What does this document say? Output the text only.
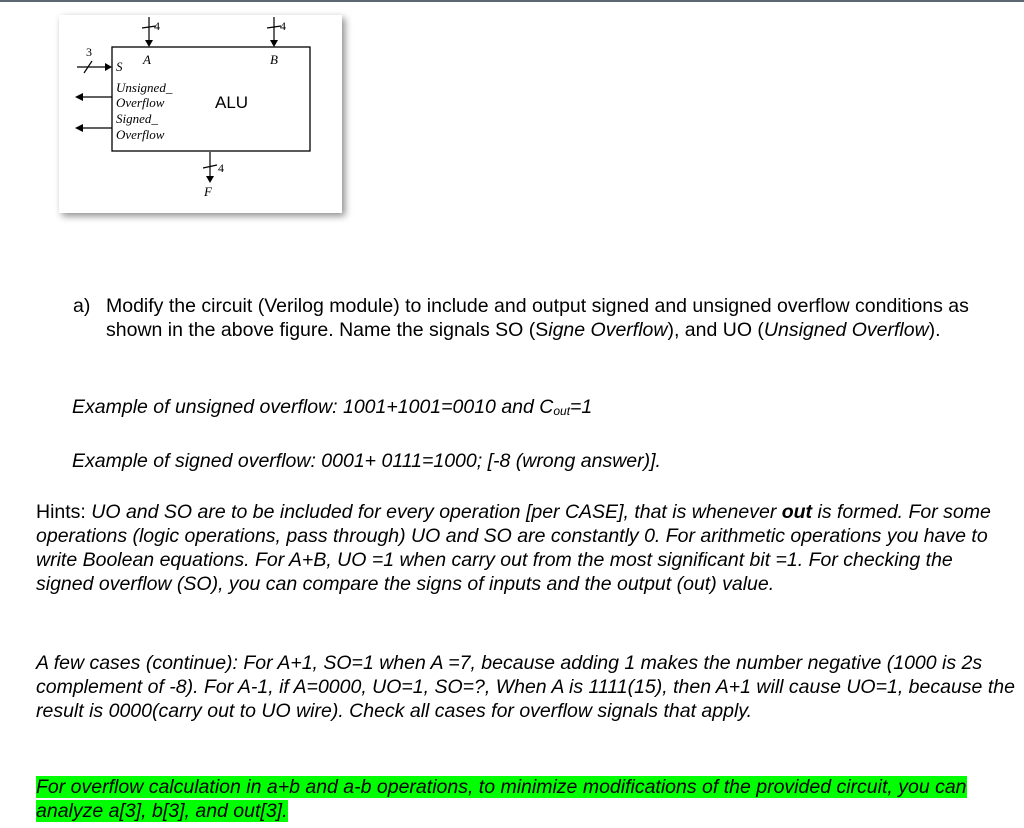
ALU
4
A
4
B
3
S
Unsigned_
Overflow
Signed_
Overflow
4
F
a) Modify the circuit (Verilog module) to include and output signed and unsigned overflow conditions as shown in the above figure. Name the signals SO (Signe Overflow), and UO (Unsigned Overflow).

Example of unsigned overflow: 1001+1001=0010 and $C_{out}=1$

Example of signed overflow: 0001+ 0111=1000; [-8 (wrong answer)].

Hints: UO and SO are to be included for every operation [per CASE], that is whenever out is formed. For some operations (logic operations, pass through) UO and SO are constantly 0. For arithmetic operations you have to write Boolean equations. For A+B, UO =1 when carry out from the most significant bit =1. For checking the signed overflow (SO), you can compare the signs of inputs and the output (out) value.

A few cases (continue): For A+1, SO=1 when A =7, because adding 1 makes the number negative (1000 is 2s complement of -8). For A-1, if A=0000, UO=1, SO=?, When A is 1111(15), then A+1 will cause UO=1, because the result is 0000(carry out to UO wire). Check all cases for overflow signals that apply.

For overflow calculation in a+b and a-b operations, to minimize modifications of the provided circuit, you can analyze a[3], b[3], and out[3].
